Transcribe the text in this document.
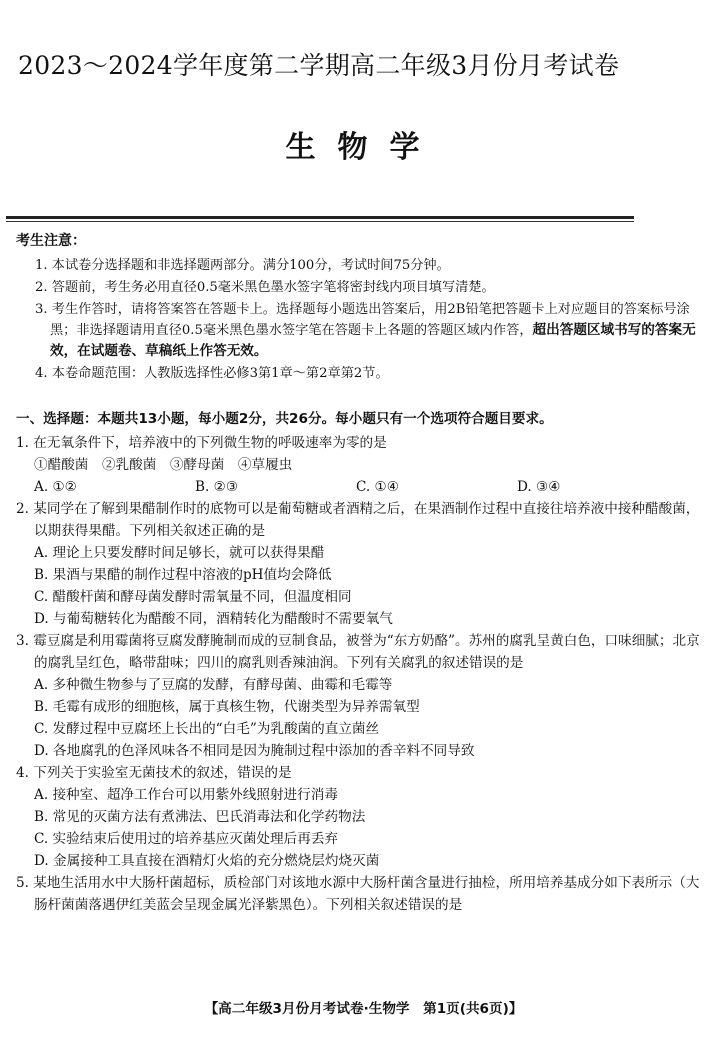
2023～2024学年度第二学期高二年级3月份月考试卷
生物学
考生注意：
1. 本试卷分选择题和非选择题两部分。满分100分，考试时间75分钟。
2. 答题前，考生务必用直径0.5毫米黑色墨水签字笔将密封线内项目填写清楚。
3. 考生作答时，请将答案答在答题卡上。选择题每小题选出答案后，用2B铅笔把答题卡上对应题目的答案标号涂黑；非选择题请用直径0.5毫米黑色墨水签字笔在答题卡上各题的答题区域内作答，超出答题区域书写的答案无效，在试题卷、草稿纸上作答无效。
4. 本卷命题范围：人教版选择性必修3第1章～第2章第2节。
一、选择题：本题共13小题，每小题2分，共26分。每小题只有一个选项符合题目要求。
1. 在无氧条件下，培养液中的下列微生物的呼吸速率为零的是
①醋酸菌　②乳酸菌　③酵母菌　④草履虫
A. ①②	B. ②③	C. ①④	D. ③④
2. 某同学在了解到果醋制作时的底物可以是葡萄糖或者酒精之后，在果酒制作过程中直接往培养液中接种醋酸菌，以期获得果醋。下列相关叙述正确的是
A. 理论上只要发酵时间足够长，就可以获得果醋
B. 果酒与果醋的制作过程中溶液的pH值均会降低
C. 醋酸杆菌和酵母菌发酵时需氧量不同，但温度相同
D. 与葡萄糖转化为醋酸不同，酒精转化为醋酸时不需要氧气
3. 霉豆腐是利用霉菌将豆腐发酵腌制而成的豆制食品，被誉为“东方奶酪”。苏州的腐乳呈黄白色，口味细腻；北京的腐乳呈红色，略带甜味；四川的腐乳则香辣油润。下列有关腐乳的叙述错误的是
A. 多种微生物参与了豆腐的发酵，有酵母菌、曲霉和毛霉等
B. 毛霉有成形的细胞核，属于真核生物，代谢类型为异养需氧型
C. 发酵过程中豆腐坯上长出的“白毛”为乳酸菌的直立菌丝
D. 各地腐乳的色泽风味各不相同是因为腌制过程中添加的香辛料不同导致
4. 下列关于实验室无菌技术的叙述，错误的是
A. 接种室、超净工作台可以用紫外线照射进行消毒
B. 常见的灭菌方法有煮沸法、巴氏消毒法和化学药物法
C. 实验结束后使用过的培养基应灭菌处理后再丢弃
D. 金属接种工具直接在酒精灯火焰的充分燃烧层灼烧灭菌
5. 某地生活用水中大肠杆菌超标，质检部门对该地水源中大肠杆菌含量进行抽检，所用培养基成分如下表所示（大肠杆菌菌落遇伊红美蓝会呈现金属光泽紫黑色）。下列相关叙述错误的是
【高二年级3月份月考试卷·生物学　第1页(共6页)】
